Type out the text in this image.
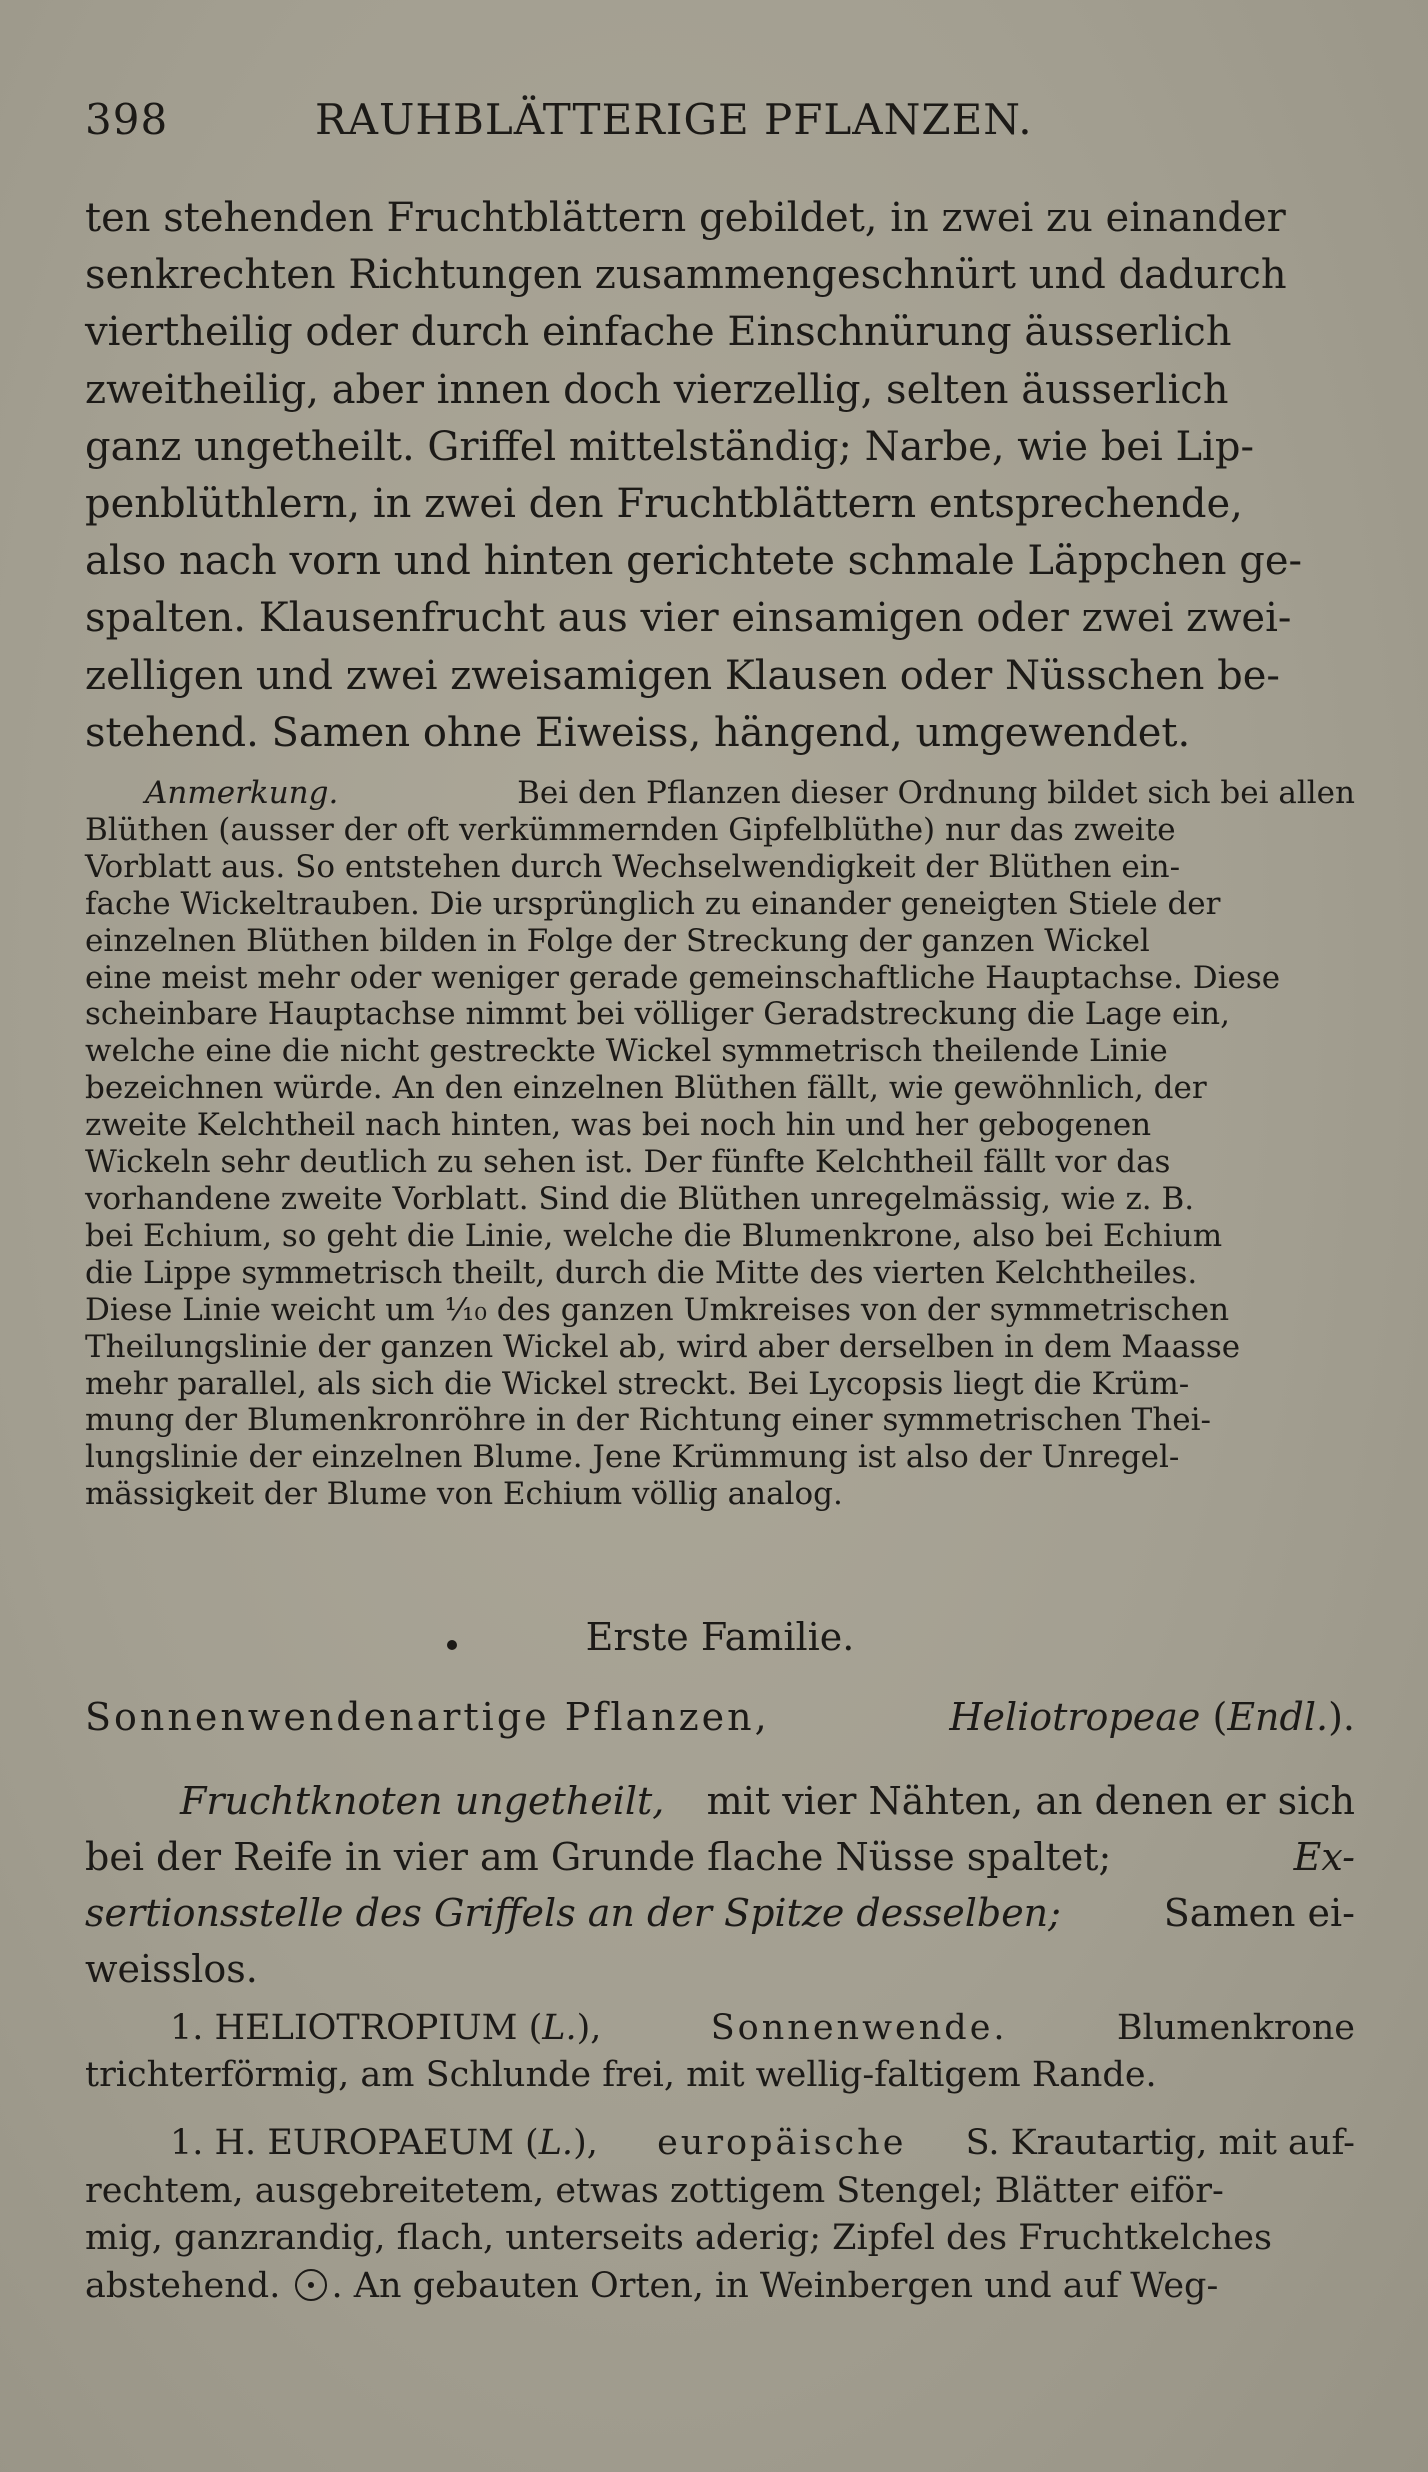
398	RAUHBLÄTTERIGE PFLANZEN.
ten stehenden Fruchtblättern gebildet, in zwei zu einander
senkrechten Richtungen zusammengeschnürt und dadurch
viertheilig oder durch einfache Einschnürung äusserlich
zweitheilig, aber innen doch vierzellig, selten äusserlich
ganz ungetheilt. Griffel mittelständig; Narbe, wie bei Lip-
penblüthlern, in zwei den Fruchtblättern entsprechende,
also nach vorn und hinten gerichtete schmale Läppchen ge-
spalten. Klausenfrucht aus vier einsamigen oder zwei zwei-
zelligen und zwei zweisamigen Klausen oder Nüsschen be-
stehend. Samen ohne Eiweiss, hängend, umgewendet.
Anmerkung.	Bei den Pflanzen dieser Ordnung bildet sich bei allen
Blüthen (ausser der oft verkümmernden Gipfelblüthe) nur das zweite
Vorblatt aus. So entstehen durch Wechselwendigkeit der Blüthen ein-
fache Wickeltrauben. Die ursprünglich zu einander geneigten Stiele der
einzelnen Blüthen bilden in Folge der Streckung der ganzen Wickel
eine meist mehr oder weniger gerade gemeinschaftliche Hauptachse. Diese
scheinbare Hauptachse nimmt bei völliger Geradstreckung die Lage ein,
welche eine die nicht gestreckte Wickel symmetrisch theilende Linie
bezeichnen würde. An den einzelnen Blüthen fällt, wie gewöhnlich, der
zweite Kelchtheil nach hinten, was bei noch hin und her gebogenen
Wickeln sehr deutlich zu sehen ist. Der fünfte Kelchtheil fällt vor das
vorhandene zweite Vorblatt. Sind die Blüthen unregelmässig, wie z. B.
bei Echium, so geht die Linie, welche die Blumenkrone, also bei Echium
die Lippe symmetrisch theilt, durch die Mitte des vierten Kelchtheiles.
Diese Linie weicht um ¹⁄₁₀ des ganzen Umkreises von der symmetrischen
Theilungslinie der ganzen Wickel ab, wird aber derselben in dem Maasse
mehr parallel, als sich die Wickel streckt. Bei Lycopsis liegt die Krüm-
mung der Blumenkronröhre in der Richtung einer symmetrischen Thei-
lungslinie der einzelnen Blume. Jene Krümmung ist also der Unregel-
mässigkeit der Blume von Echium völlig analog.
Erste Familie.
Sonnenwendenartige Pflanzen,	Heliotropeae (Endl.).
Fruchtknoten ungetheilt, mit vier Nähten, an denen er sich
bei der Reife in vier am Grunde flache Nüsse spaltet;	Ex-
sertionsstelle des Griffels an der Spitze desselben;	Samen ei-
weisslos.
1. HELIOTROPIUM (L.),	Sonnenwende.	Blumenkrone
trichterförmig, am Schlunde frei, mit wellig-faltigem Rande.
1. H. EUROPAEUM (L.), europäische S. Krautartig, mit auf-
rechtem, ausgebreitetem, etwas zottigem Stengel; Blätter eiför-
mig, ganzrandig, flach, unterseits aderig; Zipfel des Fruchtkelches
abstehend. . An gebauten Orten, in Weinbergen und auf Weg-
